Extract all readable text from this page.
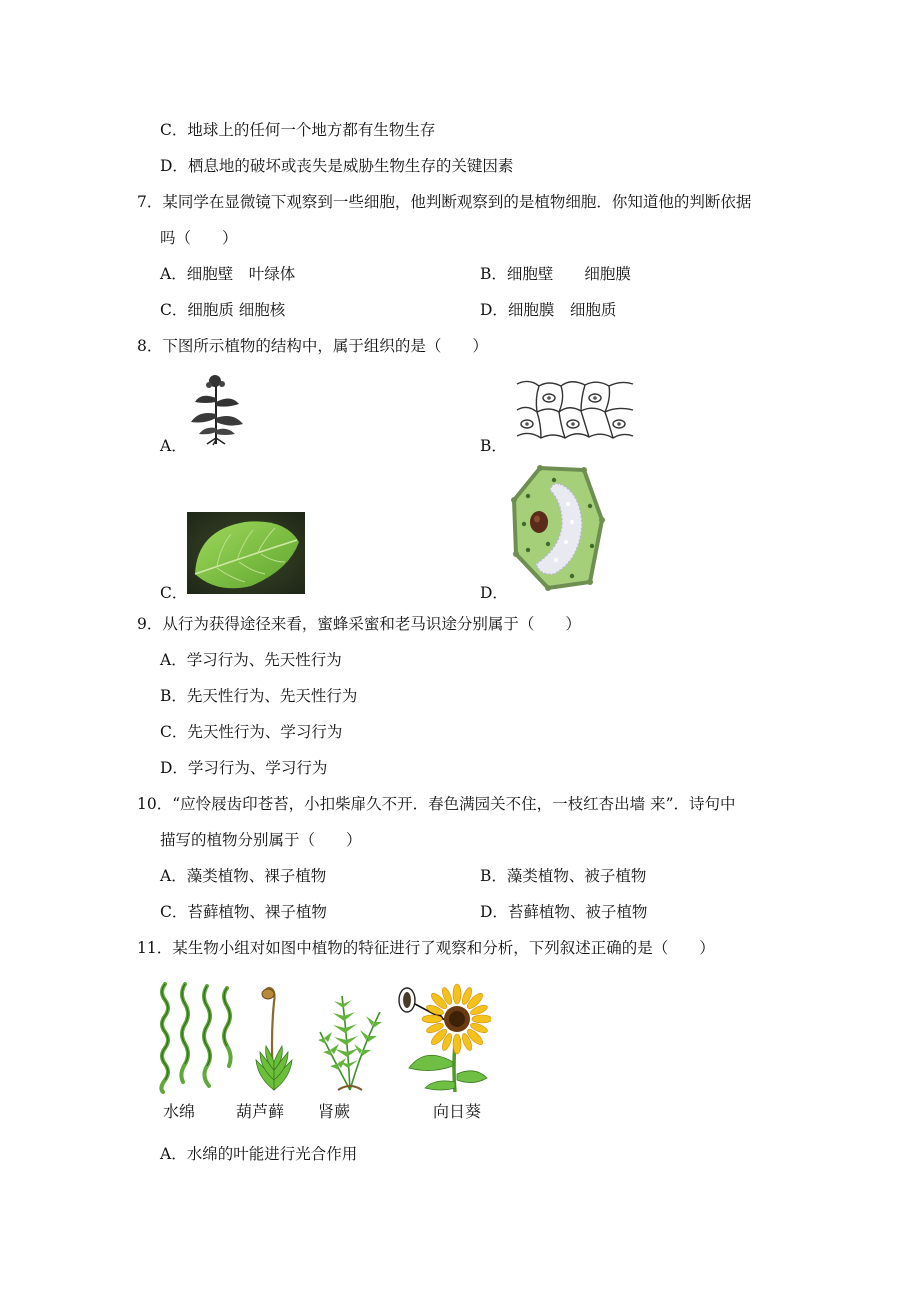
C．地球上的任何一个地方都有生物生存
D．栖息地的破坏或丧失是威胁生物生存的关键因素
7．某同学在显微镜下观察到一些细胞，他判断观察到的是植物细胞．你知道他的判断依据
吗（　　）
A．细胞壁　叶绿体	B．细胞壁　　细胞膜
C．细胞质 细胞核	D．细胞膜　细胞质
8．下图所示植物的结构中，属于组织的是（　　）
A．	B．
C．	D．
9．从行为获得途径来看，蜜蜂采蜜和老马识途分别属于（　　）
A．学习行为、先天性行为
B．先天性行为、先天性行为
C．先天性行为、学习行为
D．学习行为、学习行为
10．“应怜屐齿印苍苔，小扣柴扉久不开．春色满园关不住，一枝红杏出墙 来”．诗句中
描写的植物分别属于（　　）
A．藻类植物、裸子植物	B．藻类植物、被子植物
C．苔藓植物、裸子植物	D．苔藓植物、被子植物
11．某生物小组对如图中植物的特征进行了观察和分析，下列叙述正确的是（　　）
水绵	葫芦藓 肾蕨	向日葵
A．水绵的叶能进行光合作用
